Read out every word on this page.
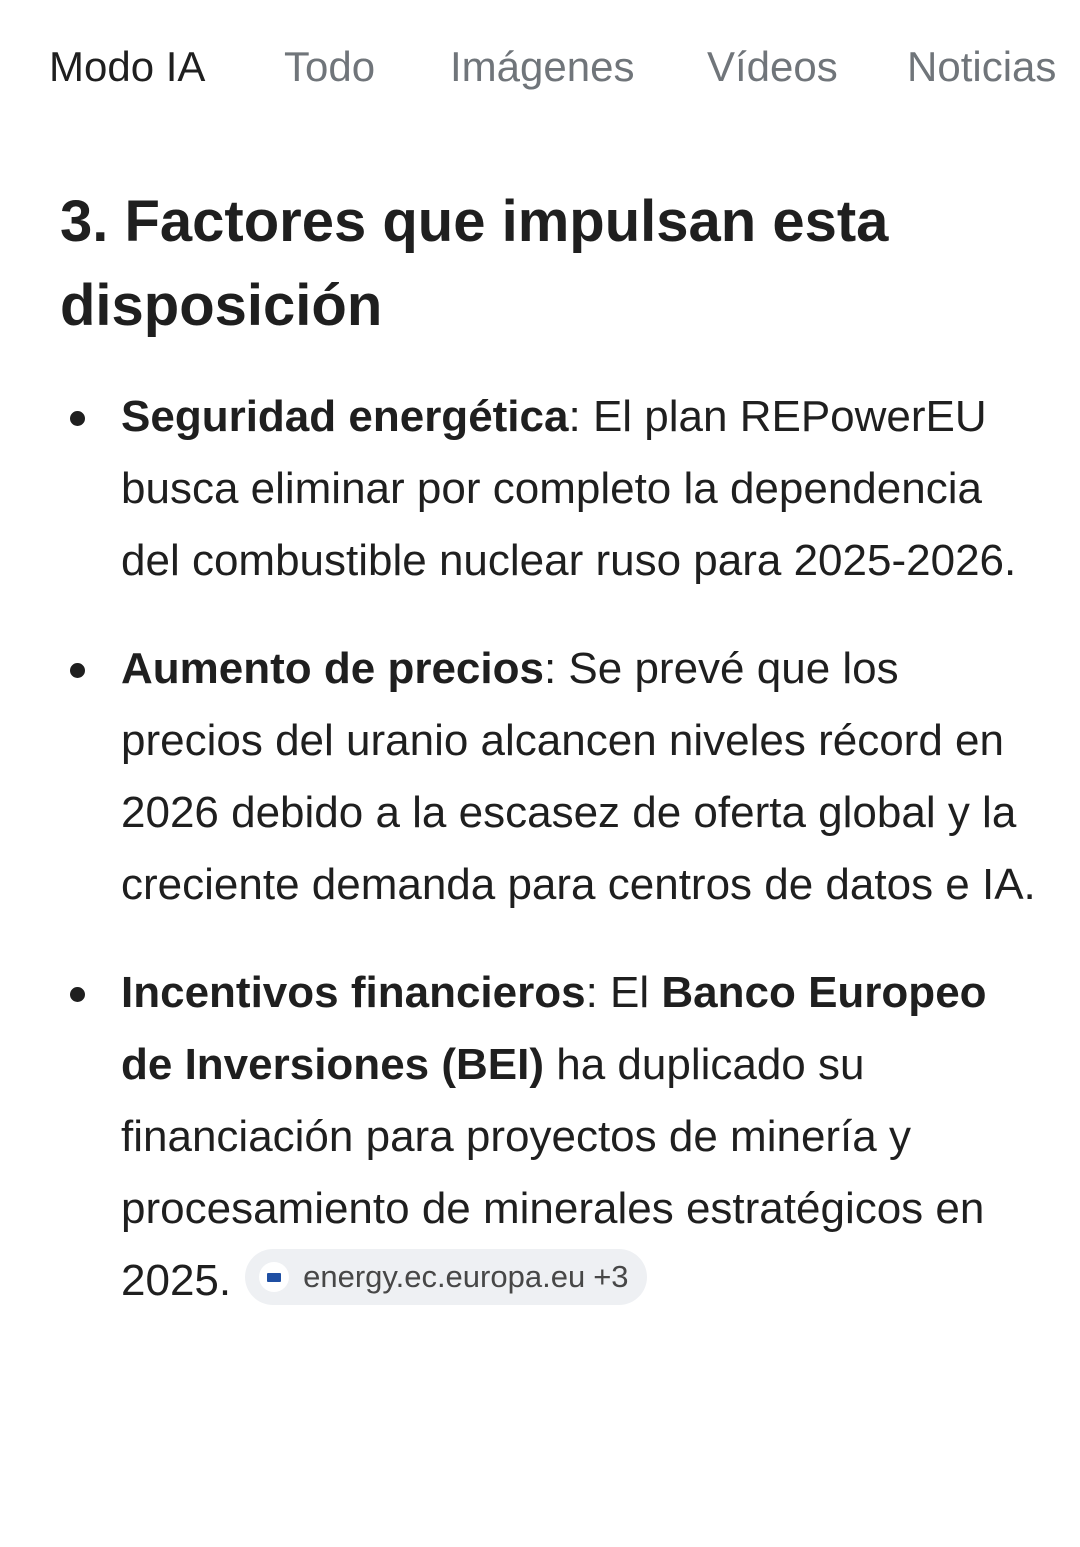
Modo IA Todo Imágenes Vídeos Noticias
3. Factores que impulsan esta disposición
Seguridad energética: El plan REPowerEU busca eliminar por completo la dependencia del combustible nuclear ruso para 2025-2026.
Aumento de precios: Se prevé que los precios del uranio alcancen niveles récord en 2026 debido a la escasez de oferta global y la creciente demanda para centros de datos e IA.
Incentivos financieros: El Banco Europeo de Inversiones (BEI) ha duplicado su financiación para proyectos de minería y procesamiento de minerales estratégicos en 2025. energy.ec.europa.eu +3
